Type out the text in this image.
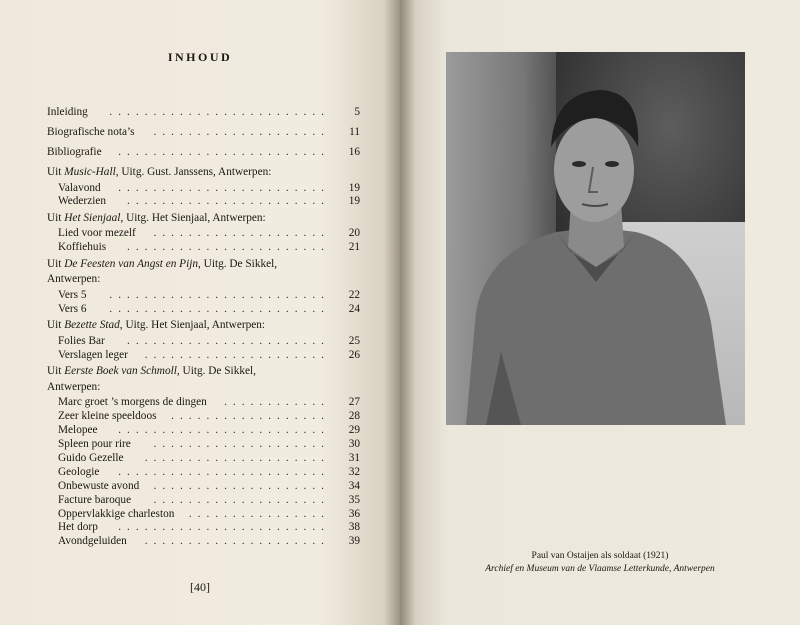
INHOUD
Inleiding .........................	5
Biografische nota’s ....................	11
Bibliografie ........................	16
Uit Music-Hall, Uitg. Gust. Janssens, Antwerpen:
Valavond ........................	19
Wederzien .......................	19
Uit Het Sienjaal, Uitg. Het Sienjaal, Antwerpen:
Lied voor mezelf ....................	20
Koffiehuis .......................	21
Uit De Feesten van Angst en Pijn, Uitg. De Sikkel,
Antwerpen:
Vers 5 .........................	22
Vers 6 .........................	24
Uit Bezette Stad, Uitg. Het Sienjaal, Antwerpen:
Folies Bar .......................	25
Verslagen leger .....................	26
Uit Eerste Boek van Schmoll, Uitg. De Sikkel,
Antwerpen:
Marc groet ’s morgens de dingen ............	27
Zeer kleine speeldoos ..................	28
Melopee ........................	29
Spleen pour rire ....................	30
Guido Gezelle .....................	31
Geologie ........................	32
Onbewuste avond ....................	34
Facture baroque ....................	35
Oppervlakkige charleston ................	36
Het dorp ........................	38
Avondgeluiden .....................	39
[40]
Paul van Ostaijen als soldaat (1921)
Archief en Museum van de Vlaamse Letterkunde, Antwerpen
